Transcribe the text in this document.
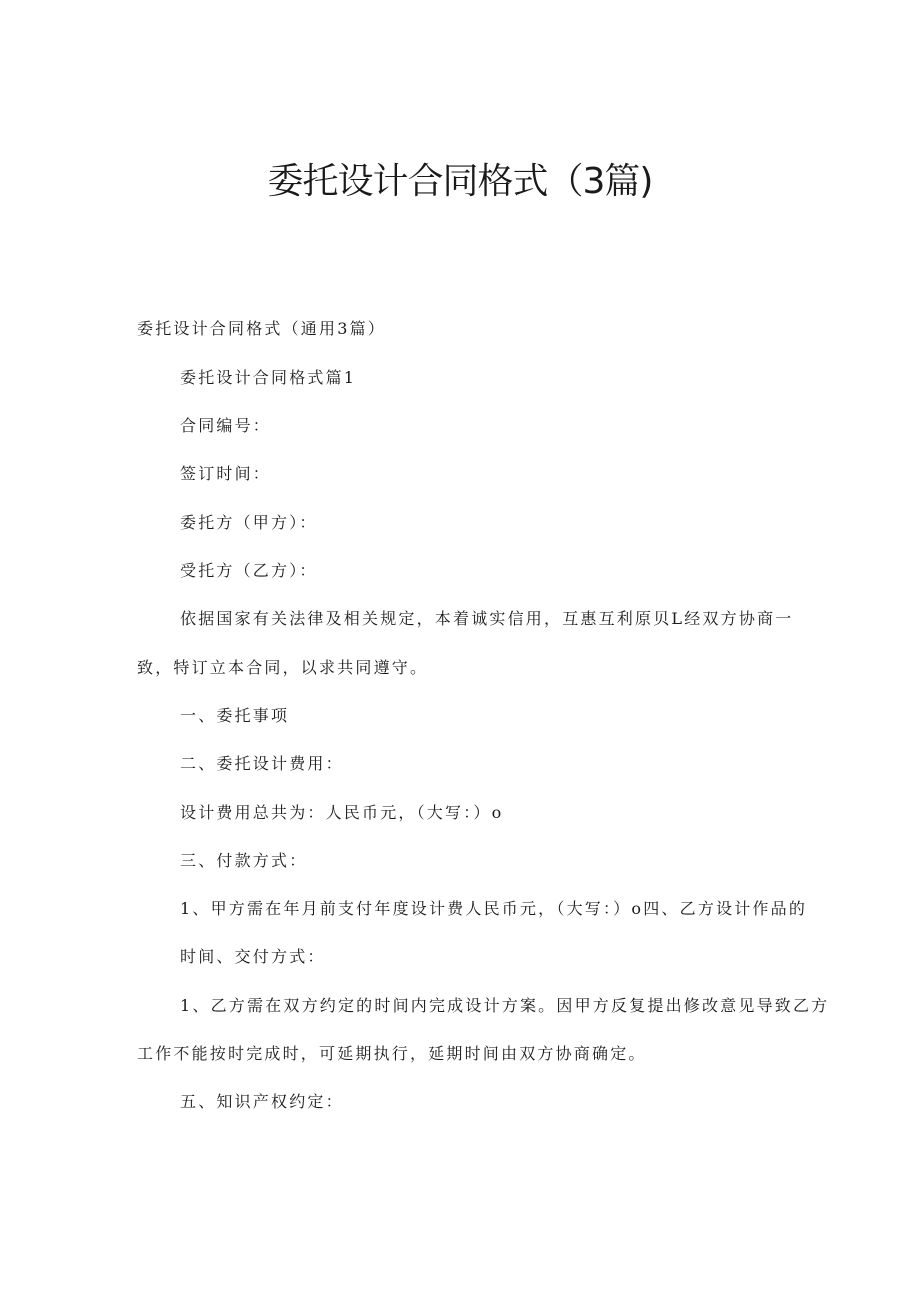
委托设计合同格式（3篇)

委托设计合同格式（通用3篇）

委托设计合同格式篇1

合同编号：

签订时间：

委托方（甲方）：

受托方（乙方）：

依据国家有关法律及相关规定，本着诚实信用，互惠互利原贝L经双方协商一

致，特订立本合同，以求共同遵守。

一、委托事项

二、委托设计费用：

设计费用总共为：人民币元，（大写：）o

三、付款方式：

1、甲方需在年月前支付年度设计费人民币元，（大写：）o四、乙方设计作品的

时间、交付方式：

1、乙方需在双方约定的时间内完成设计方案。因甲方反复提出修改意见导致乙方

工作不能按时完成时，可延期执行，延期时间由双方协商确定。

五、知识产权约定：
